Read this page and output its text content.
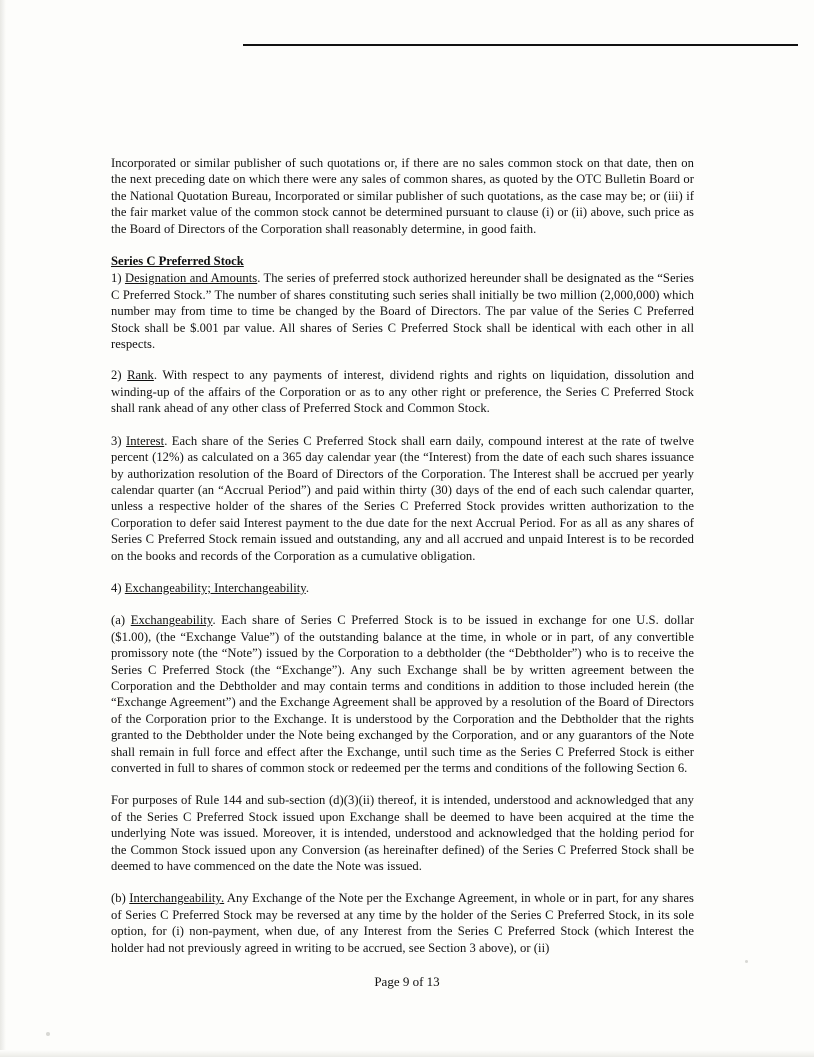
Incorporated or similar publisher of such quotations or, if there are no sales common stock on that date, then on the next preceding date on which there were any sales of common shares, as quoted by the OTC Bulletin Board or the National Quotation Bureau, Incorporated or similar publisher of such quotations, as the case may be; or (iii) if the fair market value of the common stock cannot be determined pursuant to clause (i) or (ii) above, such price as the Board of Directors of the Corporation shall reasonably determine, in good faith.

Series C Preferred Stock

1) Designation and Amounts. The series of preferred stock authorized hereunder shall be designated as the “Series C Preferred Stock.” The number of shares constituting such series shall initially be two million (2,000,000) which number may from time to time be changed by the Board of Directors. The par value of the Series C Preferred Stock shall be $.001 par value. All shares of Series C Preferred Stock shall be identical with each other in all respects.

2) Rank. With respect to any payments of interest, dividend rights and rights on liquidation, dissolution and winding-up of the affairs of the Corporation or as to any other right or preference, the Series C Preferred Stock shall rank ahead of any other class of Preferred Stock and Common Stock.

3) Interest. Each share of the Series C Preferred Stock shall earn daily, compound interest at the rate of twelve percent (12%) as calculated on a 365 day calendar year (the “Interest) from the date of each such shares issuance by authorization resolution of the Board of Directors of the Corporation. The Interest shall be accrued per yearly calendar quarter (an “Accrual Period”) and paid within thirty (30) days of the end of each such calendar quarter, unless a respective holder of the shares of the Series C Preferred Stock provides written authorization to the Corporation to defer said Interest payment to the due date for the next Accrual Period. For as all as any shares of Series C Preferred Stock remain issued and outstanding, any and all accrued and unpaid Interest is to be recorded on the books and records of the Corporation as a cumulative obligation.

4) Exchangeability; Interchangeability.

(a) Exchangeability. Each share of Series C Preferred Stock is to be issued in exchange for one U.S. dollar ($1.00), (the “Exchange Value”) of the outstanding balance at the time, in whole or in part, of any convertible promissory note (the “Note”) issued by the Corporation to a debtholder (the “Debtholder”) who is to receive the Series C Preferred Stock (the “Exchange”). Any such Exchange shall be by written agreement between the Corporation and the Debtholder and may contain terms and conditions in addition to those included herein (the “Exchange Agreement”) and the Exchange Agreement shall be approved by a resolution of the Board of Directors of the Corporation prior to the Exchange. It is understood by the Corporation and the Debtholder that the rights granted to the Debtholder under the Note being exchanged by the Corporation, and or any guarantors of the Note shall remain in full force and effect after the Exchange, until such time as the Series C Preferred Stock is either converted in full to shares of common stock or redeemed per the terms and conditions of the following Section 6.

For purposes of Rule 144 and sub-section (d)(3)(ii) thereof, it is intended, understood and acknowledged that any of the Series C Preferred Stock issued upon Exchange shall be deemed to have been acquired at the time the underlying Note was issued. Moreover, it is intended, understood and acknowledged that the holding period for the Common Stock issued upon any Conversion (as hereinafter defined) of the Series C Preferred Stock shall be deemed to have commenced on the date the Note was issued.

(b) Interchangeability. Any Exchange of the Note per the Exchange Agreement, in whole or in part, for any shares of Series C Preferred Stock may be reversed at any time by the holder of the Series C Preferred Stock, in its sole option, for (i) non-payment, when due, of any Interest from the Series C Preferred Stock (which Interest the holder had not previously agreed in writing to be accrued, see Section 3 above), or (ii)

Page 9 of 13
